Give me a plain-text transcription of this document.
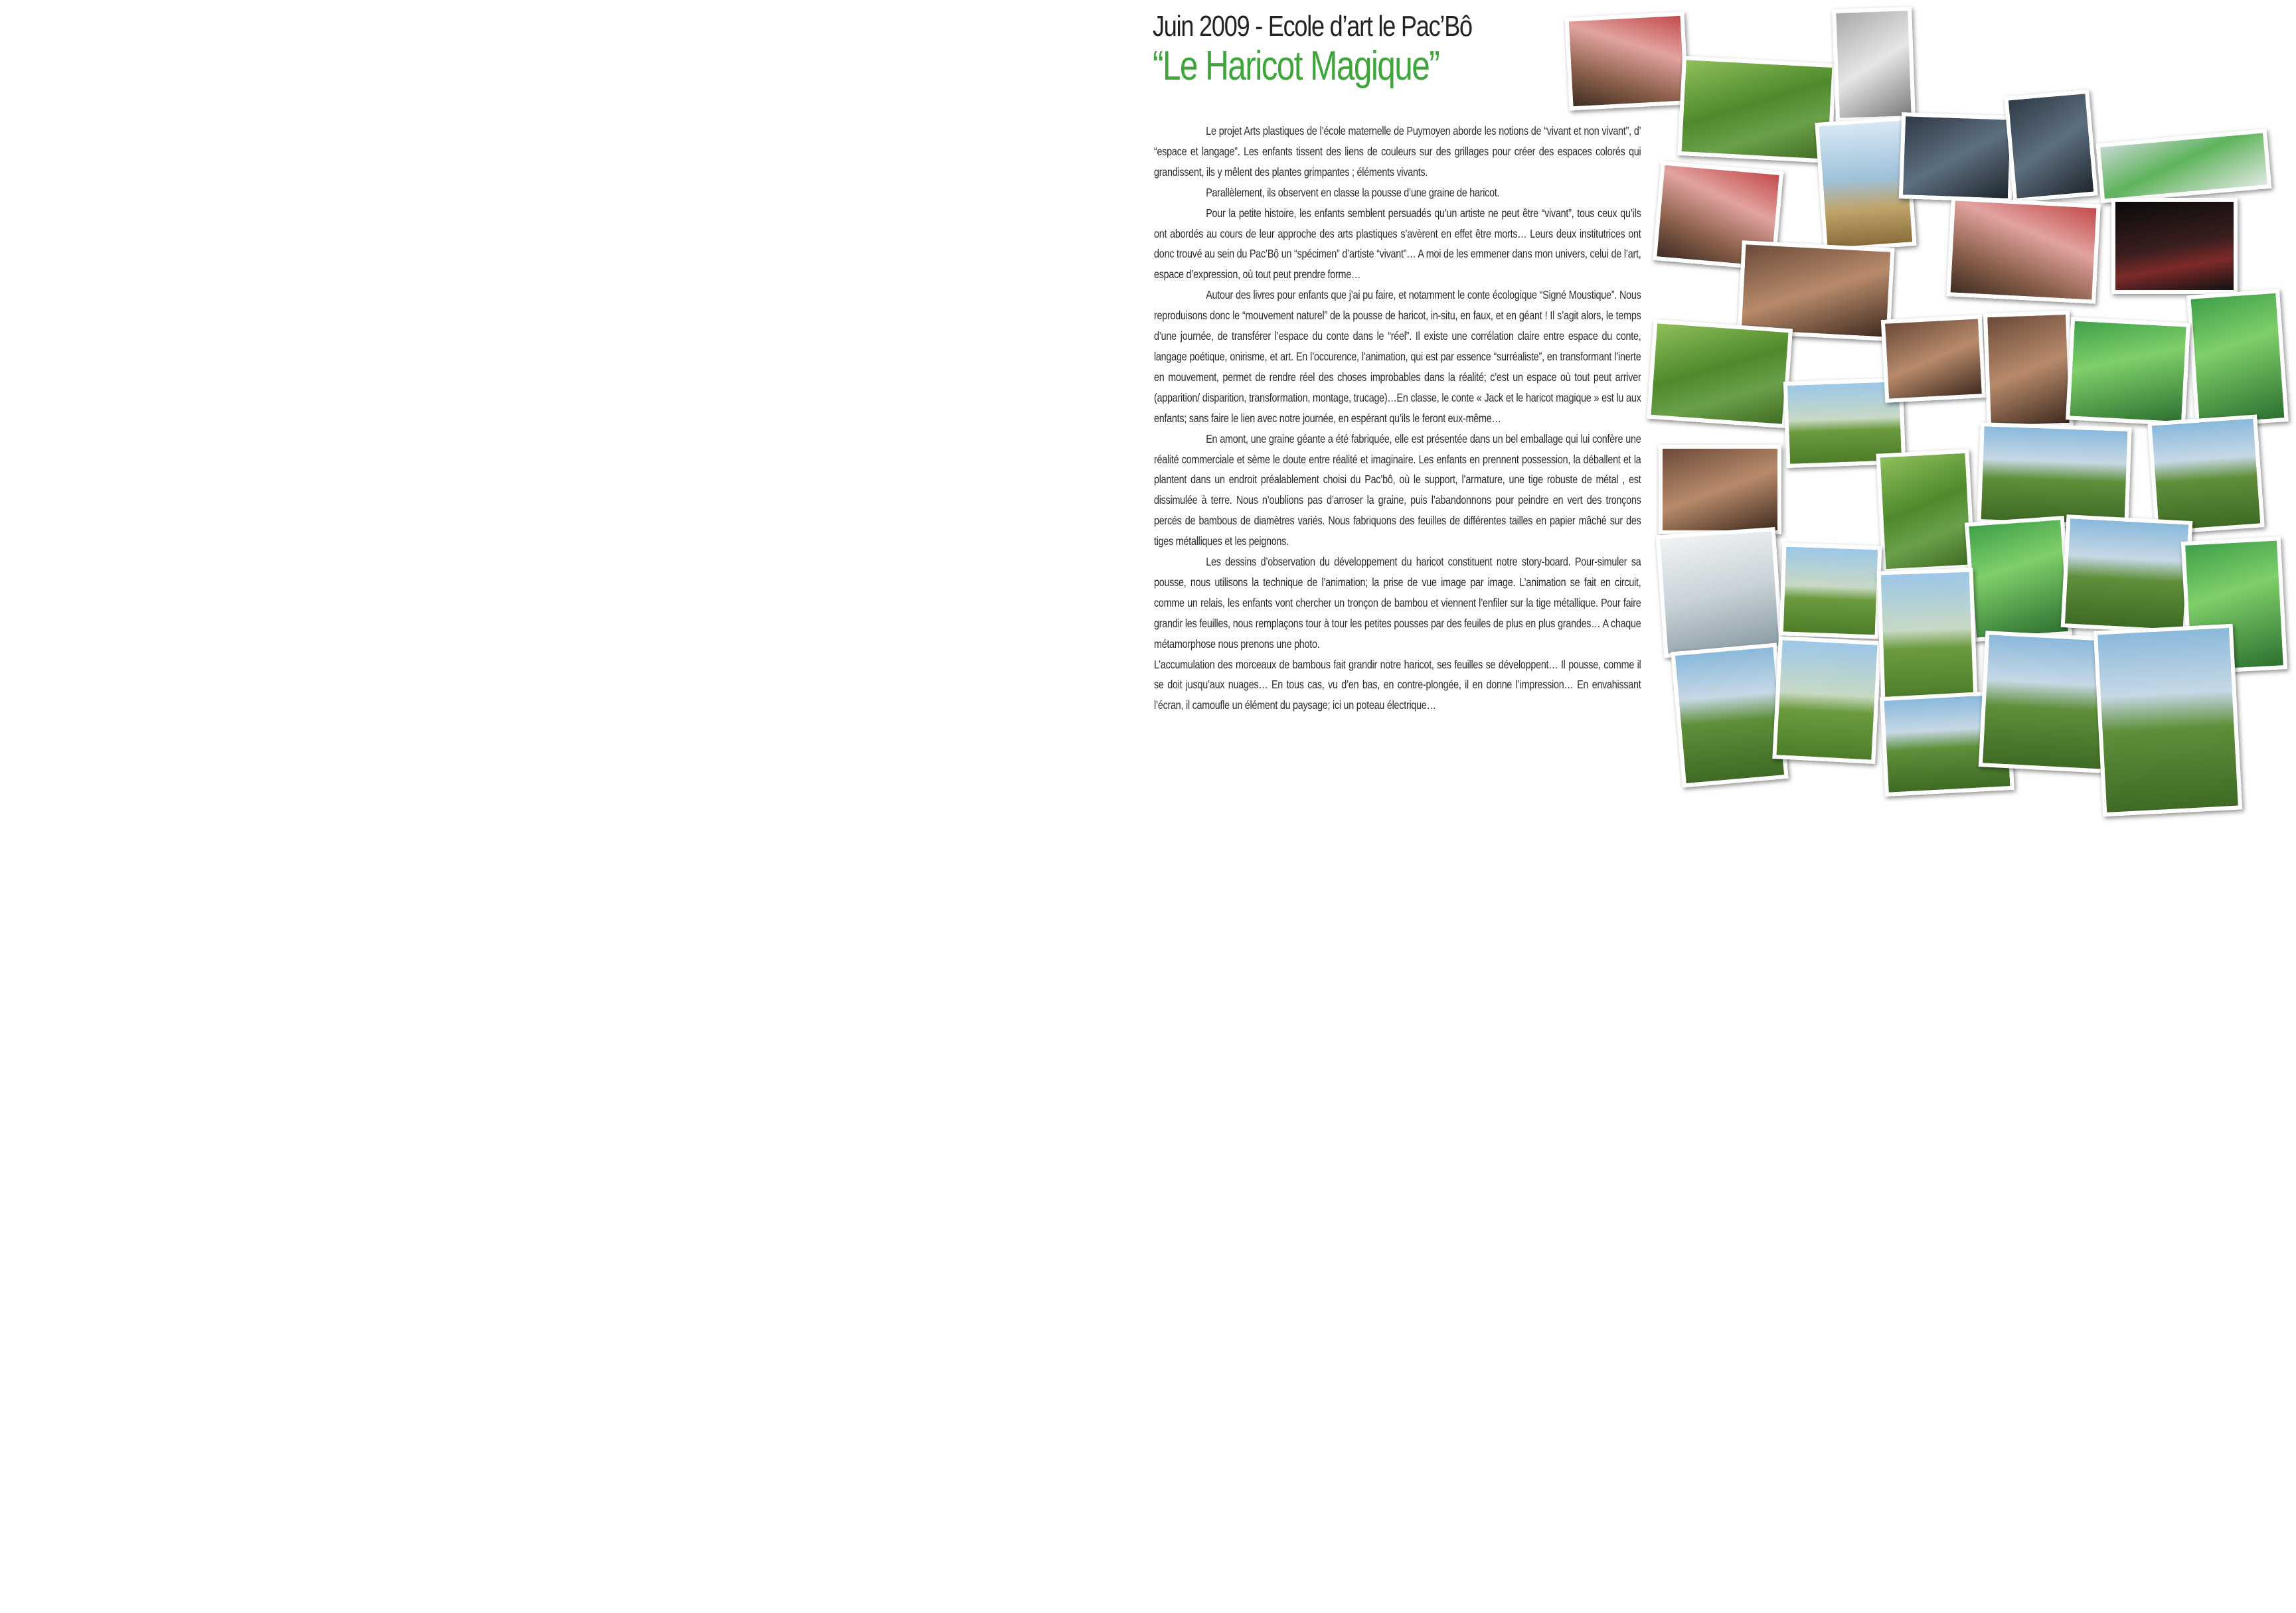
Juin 2009 - Ecole d’art le Pac’Bô
“Le Haricot Magique”

Le projet Arts plastiques de l’école maternelle de Puymoyen aborde les notions de “vivant et non vivant”, d’ “espace et langage”. Les enfants tissent des liens de couleurs sur des grillages pour créer des espaces colorés qui grandissent, ils y mêlent des plantes grimpantes ; éléments vivants.

Parallèlement, ils observent en classe la pousse d’une graine de haricot.

Pour la petite histoire, les enfants semblent persuadés qu’un artiste ne peut être “vivant”, tous ceux qu’ils ont abordés au cours de leur approche des arts plastiques s’avèrent en effet être morts… Leurs deux institutrices ont donc trouvé au sein du Pac’Bô un “spécimen” d’artiste “vivant”… A moi de les emmener dans mon univers, celui de l’art, espace d’expression, où tout peut prendre forme…

Autour des livres pour enfants que j’ai pu faire, et notamment le conte écologique “Signé Moustique”. Nous reproduisons donc le “mouvement naturel” de la pousse de haricot, in-situ, en faux, et en géant ! Il s’agit alors, le temps d’une journée, de transférer l’espace du conte dans le “réel”. Il existe une corrélation claire entre espace du conte, langage poétique, onirisme, et art. En l’occurence, l’animation, qui est par essence “surréaliste”, en transformant l’inerte en mouvement, permet de rendre réel des choses improbables dans la réalité; c’est un espace où tout peut arriver (apparition/ disparition, transformation, montage, trucage)…En classe, le conte « Jack et le haricot magique » est lu aux enfants; sans faire le lien avec notre journée, en espérant qu’ils le feront eux-même…

En amont, une graine géante a été fabriquée, elle est présentée dans un bel emballage qui lui confère une réalité commerciale et sème le doute entre réalité et imaginaire. Les enfants en prennent possession, la déballent et la plantent dans un endroit préalablement choisi du Pac’bô, où le support, l’armature, une tige robuste de métal , est dissimulée à terre. Nous n’oublions pas d’arroser la graine, puis l’abandonnons pour peindre en vert des tronçons percés de bambous de diamètres variés. Nous fabriquons des feuilles de différentes tailles en papier mâché sur des tiges métalliques et les peignons.

Les dessins d’observation du développement du haricot constituent notre story-board. Pour-simuler sa pousse, nous utilisons la technique de l’animation; la prise de vue image par image. L’animation se fait en circuit, comme un relais, les enfants vont chercher un tronçon de bambou et viennent l’enfiler sur la tige métallique. Pour faire grandir les feuilles, nous remplaçons tour à tour les petites pousses par des feuiles de plus en plus grandes… A chaque métamorphose nous prenons une photo.

L’accumulation des morceaux de bambous fait grandir notre haricot, ses feuilles se développent… Il pousse, comme il se doit jusqu’aux nuages… En tous cas, vu d’en bas, en contre-plongée, il en donne l’impression… En envahissant l’écran, il camoufle un élément du paysage; ici un poteau électrique…
